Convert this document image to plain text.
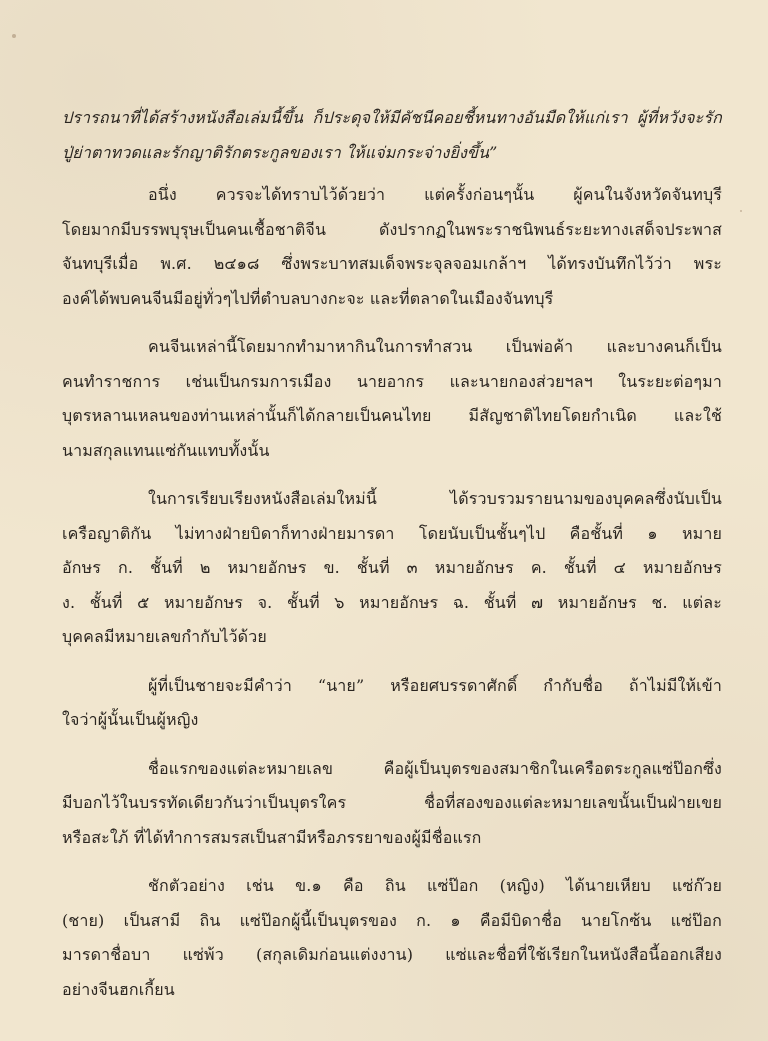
ปรารถนาที่ได้สร้างหนังสือเล่มนี้ขึ้น ก็ประดุจให้มีคัชนีคอยชี้หนทางอันมืดให้แก่เรา ผู้ที่หวังจะรัก
ปู่ย่าตาทวดและรักญาติรักตระกูลของเรา ให้แจ่มกระจ่างยิ่งขึ้น”
อนึ่ง ควรจะได้ทราบไว้ด้วยว่า แต่ครั้งก่อนๆนั้น ผู้คนในจังหวัดจันทบุรี
โดยมากมีบรรพบุรุษเป็นคนเชื้อชาติจีน ดังปรากฏในพระราชนิพนธ์ระยะทางเสด็จประพาส
จันทบุรีเมื่อ พ.ศ. ๒๔๑๘ ซึ่งพระบาทสมเด็จพระจุลจอมเกล้าฯ ได้ทรงบันทึกไว้ว่า พระ
องค์ได้พบคนจีนมีอยู่ทั่วๆไปที่ตำบลบางกะจะ และที่ตลาดในเมืองจันทบุรี
คนจีนเหล่านี้โดยมากทำมาหากินในการทำสวน เป็นพ่อค้า และบางคนก็เป็น
คนทำราชการ เช่นเป็นกรมการเมือง นายอากร และนายกองส่วยฯลฯ ในระยะต่อๆมา
บุตรหลานเหลนของท่านเหล่านั้นก็ได้กลายเป็นคนไทย มีสัญชาติไทยโดยกำเนิด และใช้
นามสกุลแทนแซ่กันแทบทั้งนั้น
ในการเรียบเรียงหนังสือเล่มใหม่นี้ ได้รวบรวมรายนามของบุคคลซึ่งนับเป็น
เครือญาติกัน ไม่ทางฝ่ายบิดาก็ทางฝ่ายมารดา โดยนับเป็นชั้นๆไป คือชั้นที่ ๑ หมาย
อักษร ก. ชั้นที่ ๒ หมายอักษร ข. ชั้นที่ ๓ หมายอักษร ค. ชั้นที่ ๔ หมายอักษร
ง. ชั้นที่ ๕ หมายอักษร จ. ชั้นที่ ๖ หมายอักษร ฉ. ชั้นที่ ๗ หมายอักษร ช. แต่ละ
บุคคลมีหมายเลขกำกับไว้ด้วย
ผู้ที่เป็นชายจะมีคำว่า “นาย” หรือยศบรรดาศักดิ์ กำกับชื่อ ถ้าไม่มีให้เข้า
ใจว่าผู้นั้นเป็นผู้หญิง
ชื่อแรกของแต่ละหมายเลข คือผู้เป็นบุตรของสมาชิกในเครือตระกูลแซ่ป๊อกซึ่ง
มีบอกไว้ในบรรทัดเดียวกันว่าเป็นบุตรใคร ชื่อที่สองของแต่ละหมายเลขนั้นเป็นฝ่ายเขย
หรือสะใภ้ ที่ได้ทำการสมรสเป็นสามีหรือภรรยาของผู้มีชื่อแรก
ชักตัวอย่าง เช่น ข.๑ คือ ถิน แซ่ป๊อก (หญิง) ได้นายเหียบ แซ่ก๊วย
(ชาย) เป็นสามี ถิน แซ่ป๊อกผู้นี้เป็นบุตรของ ก. ๑ คือมีบิดาชื่อ นายโกซ้น แซ่ป๊อก
มารดาชื่อบา แซ่พ้ว (สกุลเดิมก่อนแต่งงาน) แซ่และชื่อที่ใช้เรียกในหนังสือนี้ออกเสียง
อย่างจีนฮกเกี้ยน
